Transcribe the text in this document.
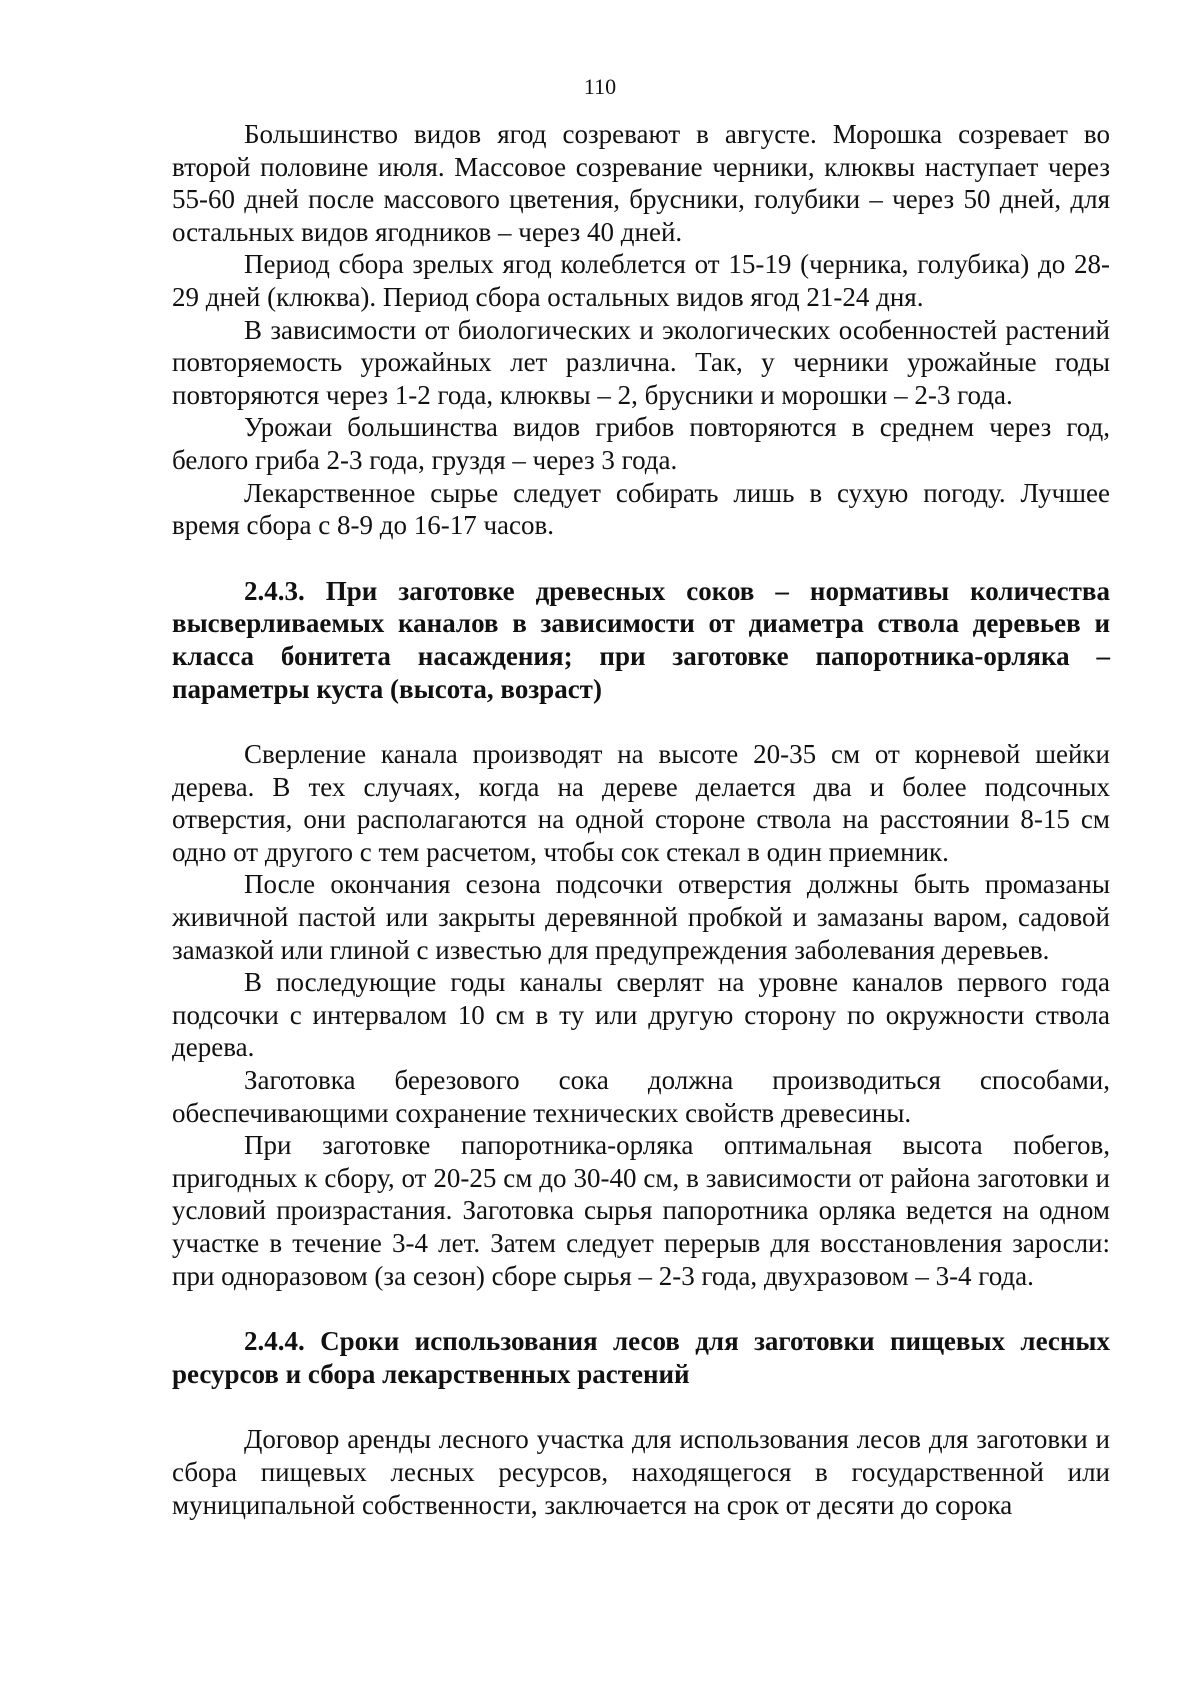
110

Большинство видов ягод созревают в августе. Морошка созревает во второй половине июля. Массовое созревание черники, клюквы наступает через 55-60 дней после массового цветения, брусники, голубики – через 50 дней, для остальных видов ягодников – через 40 дней.

Период сбора зрелых ягод колеблется от 15-19 (черника, голубика) до 28-29 дней (клюква). Период сбора остальных видов ягод 21-24 дня.

В зависимости от биологических и экологических особенностей растений повторяемость урожайных лет различна. Так, у черники урожайные годы повторяются через 1-2 года, клюквы – 2, брусники и морошки – 2-3 года.

Урожаи большинства видов грибов повторяются в среднем через год, белого гриба 2-3 года, груздя – через 3 года.

Лекарственное сырье следует собирать лишь в сухую погоду. Лучшее время сбора с 8-9 до 16-17 часов.

2.4.3. При заготовке древесных соков – нормативы количества высверливаемых каналов в зависимости от диаметра ствола деревьев и класса бонитета насаждения; при заготовке папоротника-орляка – параметры куста (высота, возраст)

Сверление канала производят на высоте 20-35 см от корневой шейки дерева. В тех случаях, когда на дереве делается два и более подсочных отверстия, они располагаются на одной стороне ствола на расстоянии 8-15 см одно от другого с тем расчетом, чтобы сок стекал в один приемник.

После окончания сезона подсочки отверстия должны быть промазаны живичной пастой или закрыты деревянной пробкой и замазаны варом, садовой замазкой или глиной с известью для предупреждения заболевания деревьев.

В последующие годы каналы сверлят на уровне каналов первого года подсочки с интервалом 10 см в ту или другую сторону по окружности ствола дерева.

Заготовка березового сока должна производиться способами, обеспечивающими сохранение технических свойств древесины.

При заготовке папоротника-орляка оптимальная высота побегов, пригодных к сбору, от 20-25 см до 30-40 см, в зависимости от района заготовки и условий произрастания. Заготовка сырья папоротника орляка ведется на одном участке в течение 3-4 лет. Затем следует перерыв для восстановления заросли: при одноразовом (за сезон) сборе сырья – 2-3 года, двухразовом – 3-4 года.

2.4.4. Сроки использования лесов для заготовки пищевых лесных ресурсов и сбора лекарственных растений

Договор аренды лесного участка для использования лесов для заготовки и сбора пищевых лесных ресурсов, находящегося в государственной или муниципальной собственности, заключается на срок от десяти до сорока
